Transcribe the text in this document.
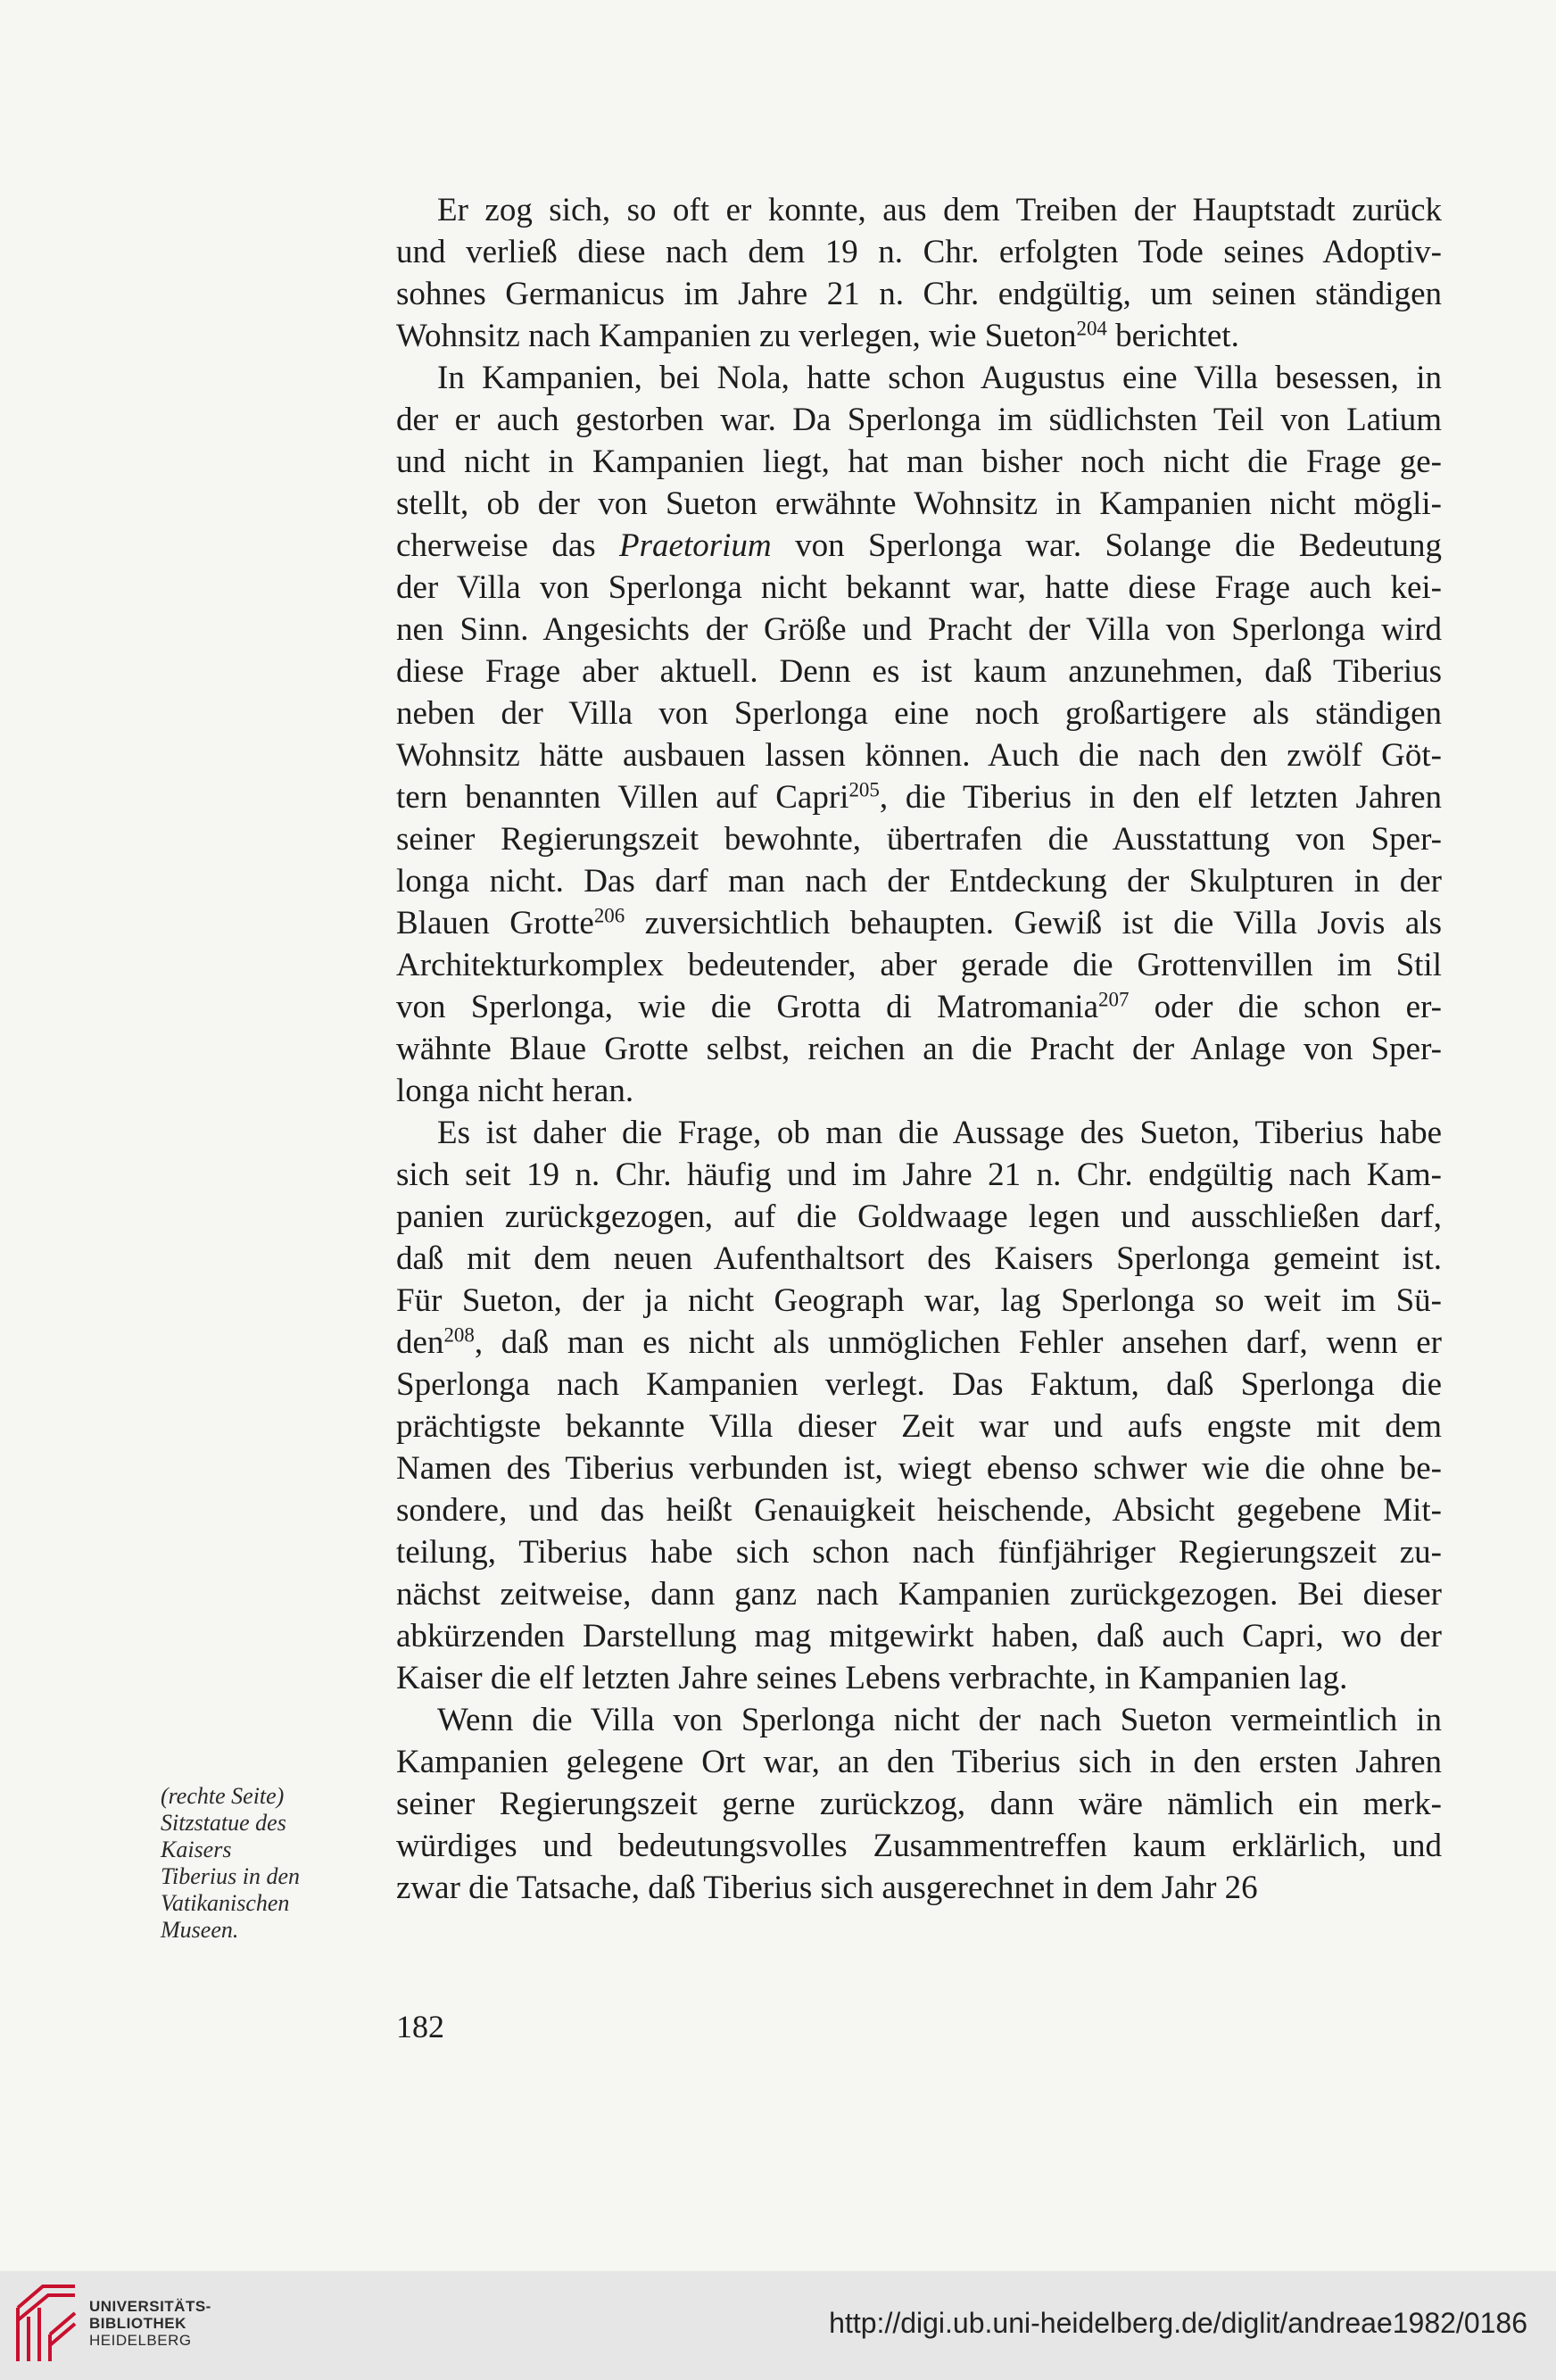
Er zog sich, so oft er konnte, aus dem Treiben der Hauptstadt zurück
und verließ diese nach dem 19 n. Chr. erfolgten Tode seines Adoptiv-
sohnes Germanicus im Jahre 21 n. Chr. endgültig, um seinen ständigen
Wohnsitz nach Kampanien zu verlegen, wie Sueton$^{204}$ berichtet.
In Kampanien, bei Nola, hatte schon Augustus eine Villa besessen, in
der er auch gestorben war. Da Sperlonga im südlichsten Teil von Latium
und nicht in Kampanien liegt, hat man bisher noch nicht die Frage ge-
stellt, ob der von Sueton erwähnte Wohnsitz in Kampanien nicht mögli-
cherweise das Praetorium von Sperlonga war. Solange die Bedeutung
der Villa von Sperlonga nicht bekannt war, hatte diese Frage auch kei-
nen Sinn. Angesichts der Größe und Pracht der Villa von Sperlonga wird
diese Frage aber aktuell. Denn es ist kaum anzunehmen, daß Tiberius
neben der Villa von Sperlonga eine noch großartigere als ständigen
Wohnsitz hätte ausbauen lassen können. Auch die nach den zwölf Göt-
tern benannten Villen auf Capri$^{205}$, die Tiberius in den elf letzten Jahren
seiner Regierungszeit bewohnte, übertrafen die Ausstattung von Sper-
longa nicht. Das darf man nach der Entdeckung der Skulpturen in der
Blauen Grotte$^{206}$ zuversichtlich behaupten. Gewiß ist die Villa Jovis als
Architekturkomplex bedeutender, aber gerade die Grottenvillen im Stil
von Sperlonga, wie die Grotta di Matromania$^{207}$ oder die schon er-
wähnte Blaue Grotte selbst, reichen an die Pracht der Anlage von Sper-
longa nicht heran.
Es ist daher die Frage, ob man die Aussage des Sueton, Tiberius habe
sich seit 19 n. Chr. häufig und im Jahre 21 n. Chr. endgültig nach Kam-
panien zurückgezogen, auf die Goldwaage legen und ausschließen darf,
daß mit dem neuen Aufenthaltsort des Kaisers Sperlonga gemeint ist.
Für Sueton, der ja nicht Geograph war, lag Sperlonga so weit im Sü-
den$^{208}$, daß man es nicht als unmöglichen Fehler ansehen darf, wenn er
Sperlonga nach Kampanien verlegt. Das Faktum, daß Sperlonga die
prächtigste bekannte Villa dieser Zeit war und aufs engste mit dem
Namen des Tiberius verbunden ist, wiegt ebenso schwer wie die ohne be-
sondere, und das heißt Genauigkeit heischende, Absicht gegebene Mit-
teilung, Tiberius habe sich schon nach fünfjähriger Regierungszeit zu-
nächst zeitweise, dann ganz nach Kampanien zurückgezogen. Bei dieser
abkürzenden Darstellung mag mitgewirkt haben, daß auch Capri, wo der
Kaiser die elf letzten Jahre seines Lebens verbrachte, in Kampanien lag.
Wenn die Villa von Sperlonga nicht der nach Sueton vermeintlich in
Kampanien gelegene Ort war, an den Tiberius sich in den ersten Jahren
seiner Regierungszeit gerne zurückzog, dann wäre nämlich ein merk-
würdiges und bedeutungsvolles Zusammentreffen kaum erklärlich, und
zwar die Tatsache, daß Tiberius sich ausgerechnet in dem Jahr 26
(rechte Seite)
Sitzstatue des
Kaisers
Tiberius in den
Vatikanischen
Museen.
182
UNIVERSITÄTS-
BIBLIOTHEK
HEIDELBERG
http://digi.ub.uni-heidelberg.de/diglit/andreae1982/0186
